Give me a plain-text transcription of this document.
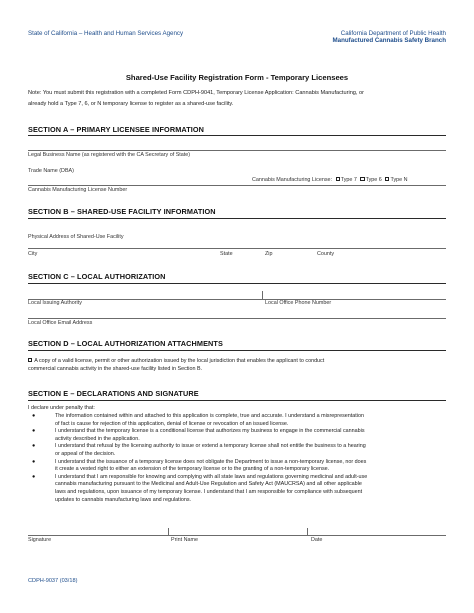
State of California – Health and Human Services Agency	California Department of Public Health
Manufactured Cannabis Safety Branch
Shared-Use Facility Registration Form - Temporary Licensees
Note: You must submit this registration with a completed Form CDPH-9041, Temporary License Application: Cannabis Manufacturing, or
already hold a Type 7, 6, or N temporary license to register as a shared-use facility.
SECTION A – PRIMARY LICENSEE INFORMATION
Legal Business Name (as registered with the CA Secretary of State)
Trade Name (DBA)
Cannabis Manufacturing License: Type 7 Type 6 Type N
Cannabis Manufacturing License Number
SECTION B – SHARED-USE FACILITY INFORMATION
Physical Address of Shared-Use Facility
City	State	Zip	County
SECTION C – LOCAL AUTHORIZATION
Local Issuing Authority	Local Office Phone Number
Local Office Email Address
SECTION D – LOCAL AUTHORIZATION ATTACHMENTS
A copy of a valid license, permit or other authorization issued by the local jurisdiction that enables the applicant to conduct
commercial cannabis activity in the shared-use facility listed in Section B.
SECTION E – DECLARATIONS AND SIGNATURE
I declare under penalty that:
●	The information contained within and attached to this application is complete, true and accurate. I understand a misrepresentation
of fact is cause for rejection of this application, denial of license or revocation of an issued license.
●	I understand that the temporary license is a conditional license that authorizes my business to engage in the commercial cannabis
activity described in the application.
●	I understand that refusal by the licensing authority to issue or extend a temporary license shall not entitle the business to a hearing
or appeal of the decision.
●	I understand that the issuance of a temporary license does not obligate the Department to issue a non-temporary license, nor does
it create a vested right to either an extension of the temporary license or to the granting of a non-temporary license.
●	I understand that I am responsible for knowing and complying with all state laws and regulations governing medicinal and adult-use
cannabis manufacturing pursuant to the Medicinal and Adult-Use Regulation and Safety Act (MAUCRSA) and all other applicable
laws and regulations, upon issuance of my temporary license. I understand that I am responsible for compliance with subsequent
updates to cannabis manufacturing laws and regulations.
Signature	Print Name	Date
CDPH-9037 (03/18)
